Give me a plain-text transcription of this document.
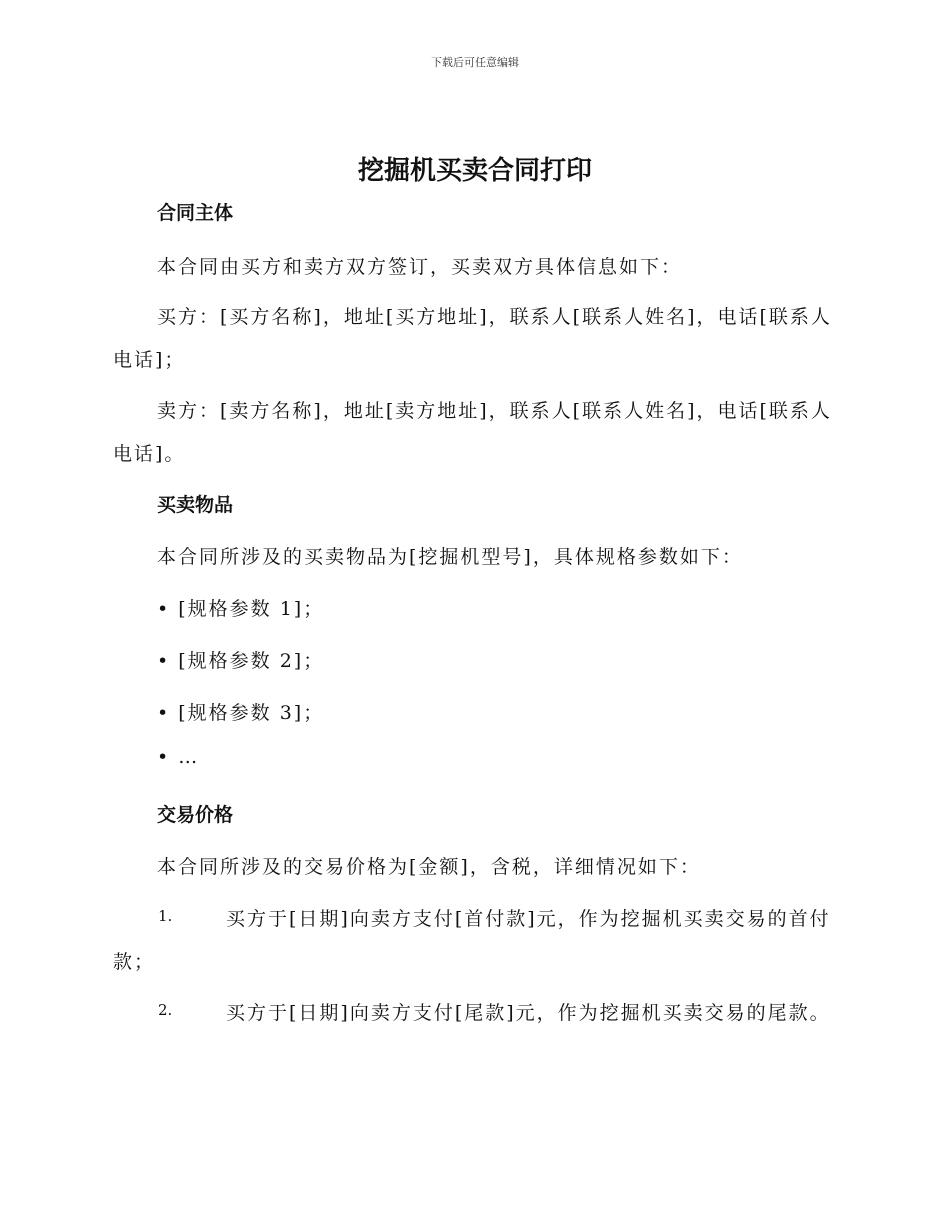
下载后可任意编辑
挖掘机买卖合同打印
合同主体
本合同由买方和卖方双方签订，买卖双方具体信息如下：
买方：[买方名称]，地址[买方地址]，联系人[联系人姓名]，电话[联系人
电话]；
卖方：[卖方名称]，地址[卖方地址]，联系人[联系人姓名]，电话[联系人
电话]。
买卖物品
本合同所涉及的买卖物品为[挖掘机型号]，具体规格参数如下：
• [规格参数 1]；
• [规格参数 2]；
• [规格参数 3]；
• …
交易价格
本合同所涉及的交易价格为[金额]，含税，详细情况如下：
1.	买方于[日期]向卖方支付[首付款]元，作为挖掘机买卖交易的首付
款；
2.	买方于[日期]向卖方支付[尾款]元，作为挖掘机买卖交易的尾款。
